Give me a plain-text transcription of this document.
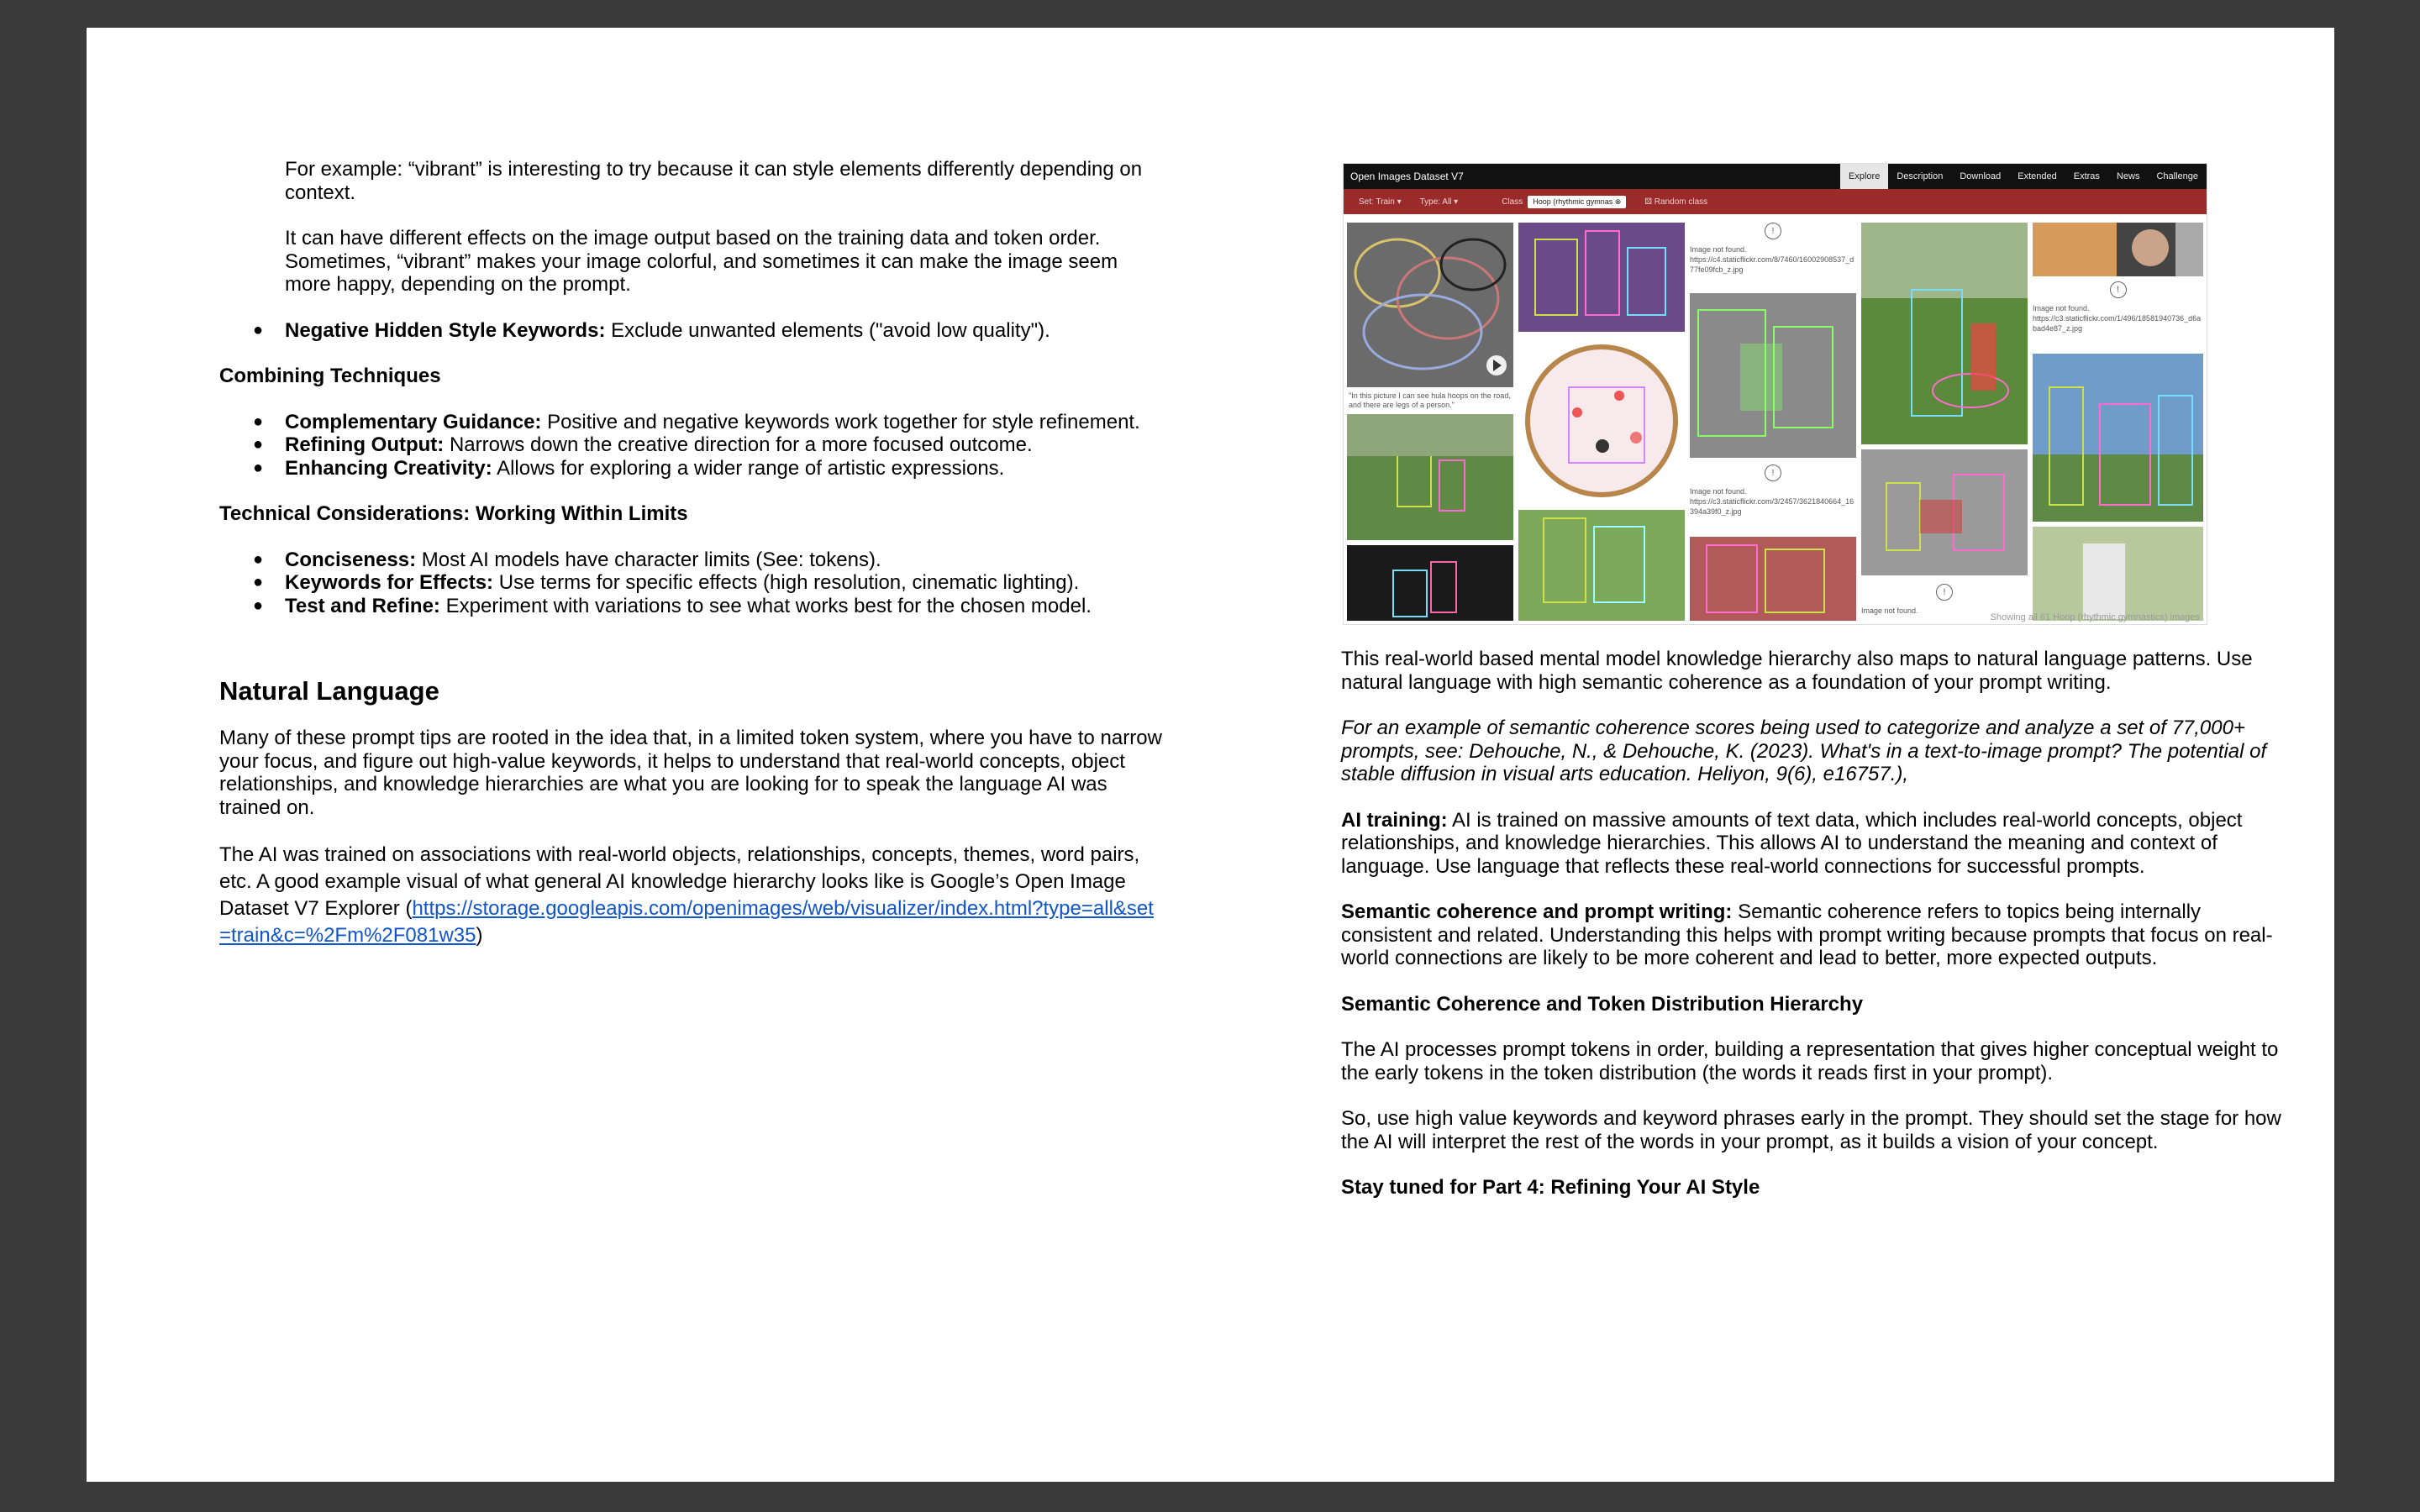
For example: “vibrant” is interesting to try because it can style elements differently depending on context.

It can have different effects on the image output based on the training data and token order. Sometimes, “vibrant” makes your image colorful, and sometimes it can make the image seem more happy, depending on the prompt.

● Negative Hidden Style Keywords: Exclude unwanted elements ("avoid low quality").

Combining Techniques

● Complementary Guidance: Positive and negative keywords work together for style refinement.
● Refining Output: Narrows down the creative direction for a more focused outcome.
● Enhancing Creativity: Allows for exploring a wider range of artistic expressions.

Technical Considerations: Working Within Limits

● Conciseness: Most AI models have character limits (See: tokens).
● Keywords for Effects: Use terms for specific effects (high resolution, cinematic lighting).
● Test and Refine: Experiment with variations to see what works best for the chosen model.
Natural Language

Many of these prompt tips are rooted in the idea that, in a limited token system, where you have to narrow your focus, and figure out high-value keywords, it helps to understand that real-world concepts, object relationships, and knowledge hierarchies are what you are looking for to speak the language AI was trained on.

The AI was trained on associations with real-world objects, relationships, concepts, themes, word pairs, etc. A good example visual of what general AI knowledge hierarchy looks like is Google’s Open Image Dataset V7 Explorer (https://storage.googleapis.com/openimages/web/visualizer/index.html?type=all&set=train&c=%2Fm%2F081w35)

Open Images Dataset V7	Explore	Description	Download	Extended	Extras	News	Challenge
Set: Train ▾ Type: All ▾	Class	Hoop (rhythmic gymnas ⊗	⚄ Random class
"In this picture I can see hula hoops on the road, and there are legs of a person."
!
Image not found.
https://c4.staticflickr.com/8/7460/16002908537_d77fe09fcb_z.jpg
!
Image not found.
https://c3.staticflickr.com/3/2457/3621840664_16394a39f0_z.jpg
!
Image not found.
!
Image not found.
https://c3.staticflickr.com/1/496/18581940736_d6abad4e87_z.jpg
Showing all 61 Hoop (rhythmic gymnastics) images

This real-world based mental model knowledge hierarchy also maps to natural language patterns. Use natural language with high semantic coherence as a foundation of your prompt writing.

For an example of semantic coherence scores being used to categorize and analyze a set of 77,000+ prompts, see: Dehouche, N., & Dehouche, K. (2023). What's in a text-to-image prompt? The potential of stable diffusion in visual arts education. Heliyon, 9(6), e16757.),

AI training: AI is trained on massive amounts of text data, which includes real-world concepts, object relationships, and knowledge hierarchies. This allows AI to understand the meaning and context of language. Use language that reflects these real-world connections for successful prompts.

Semantic coherence and prompt writing: Semantic coherence refers to topics being internally consistent and related. Understanding this helps with prompt writing because prompts that focus on real-world connections are likely to be more coherent and lead to better, more expected outputs.

Semantic Coherence and Token Distribution Hierarchy

The AI processes prompt tokens in order, building a representation that gives higher conceptual weight to the early tokens in the token distribution (the words it reads first in your prompt).

So, use high value keywords and keyword phrases early in the prompt. They should set the stage for how the AI will interpret the rest of the words in your prompt, as it builds a vision of your concept.

Stay tuned for Part 4: Refining Your AI Style
